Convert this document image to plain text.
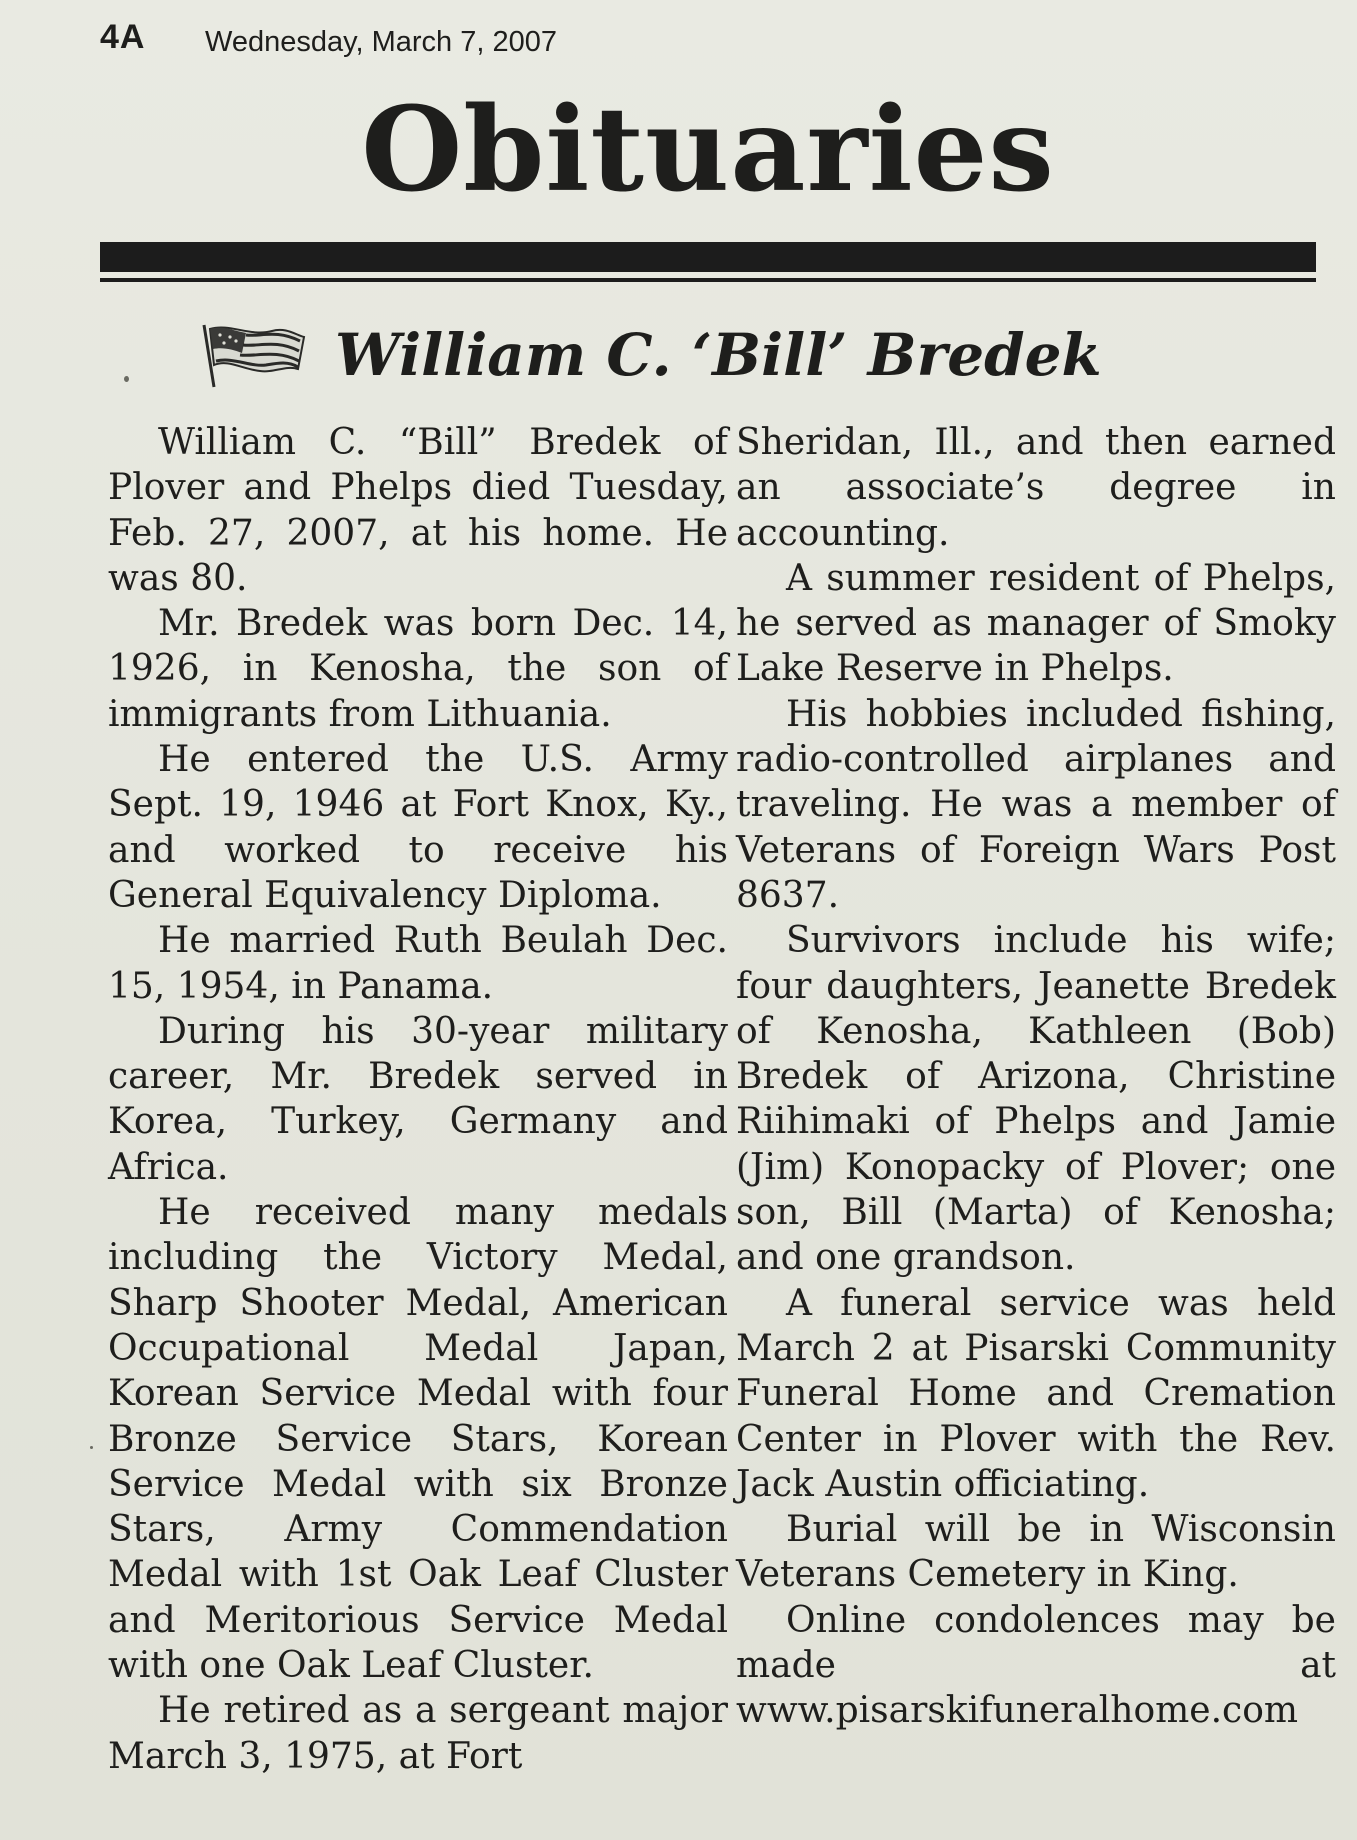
4A Wednesday, March 7, 2007
Obituaries
William C. ‘Bill’ Bredek

William C. “Bill” Bredek of Plover and Phelps died Tuesday, Feb. 27, 2007, at his home. He was 80.

Mr. Bredek was born Dec. 14, 1926, in Kenosha, the son of immigrants from Lithuania.

He entered the U.S. Army Sept. 19, 1946 at Fort Knox, Ky., and worked to receive his General Equivalency Diploma.

He married Ruth Beulah Dec. 15, 1954, in Panama.

During his 30-year military career, Mr. Bredek served in Korea, Turkey, Germany and Africa.

He received many medals including the Victory Medal, Sharp Shooter Medal, American Occupational Medal Japan, Korean Service Medal with four Bronze Service Stars, Korean Service Medal with six Bronze Stars, Army Commendation Medal with 1st Oak Leaf Cluster and Meritorious Service Medal with one Oak Leaf Cluster.

He retired as a sergeant major March 3, 1975, at Fort

Sheridan, Ill., and then earned an associate’s degree in accounting.

A summer resident of Phelps, he served as manager of Smoky Lake Reserve in Phelps.

His hobbies included fishing, radio-controlled airplanes and traveling. He was a member of Veterans of Foreign Wars Post 8637.

Survivors include his wife; four daughters, Jeanette Bredek of Kenosha, Kathleen (Bob) Bredek of Arizona, Christine Riihimaki of Phelps and Jamie (Jim) Konopacky of Plover; one son, Bill (Marta) of Kenosha; and one grandson.

A funeral service was held March 2 at Pisarski Community Funeral Home and Cremation Center in Plover with the Rev. Jack Austin officiating.

Burial will be in Wisconsin Veterans Cemetery in King.

Online condolences may be made at www.pisarskifuneralhome.com
